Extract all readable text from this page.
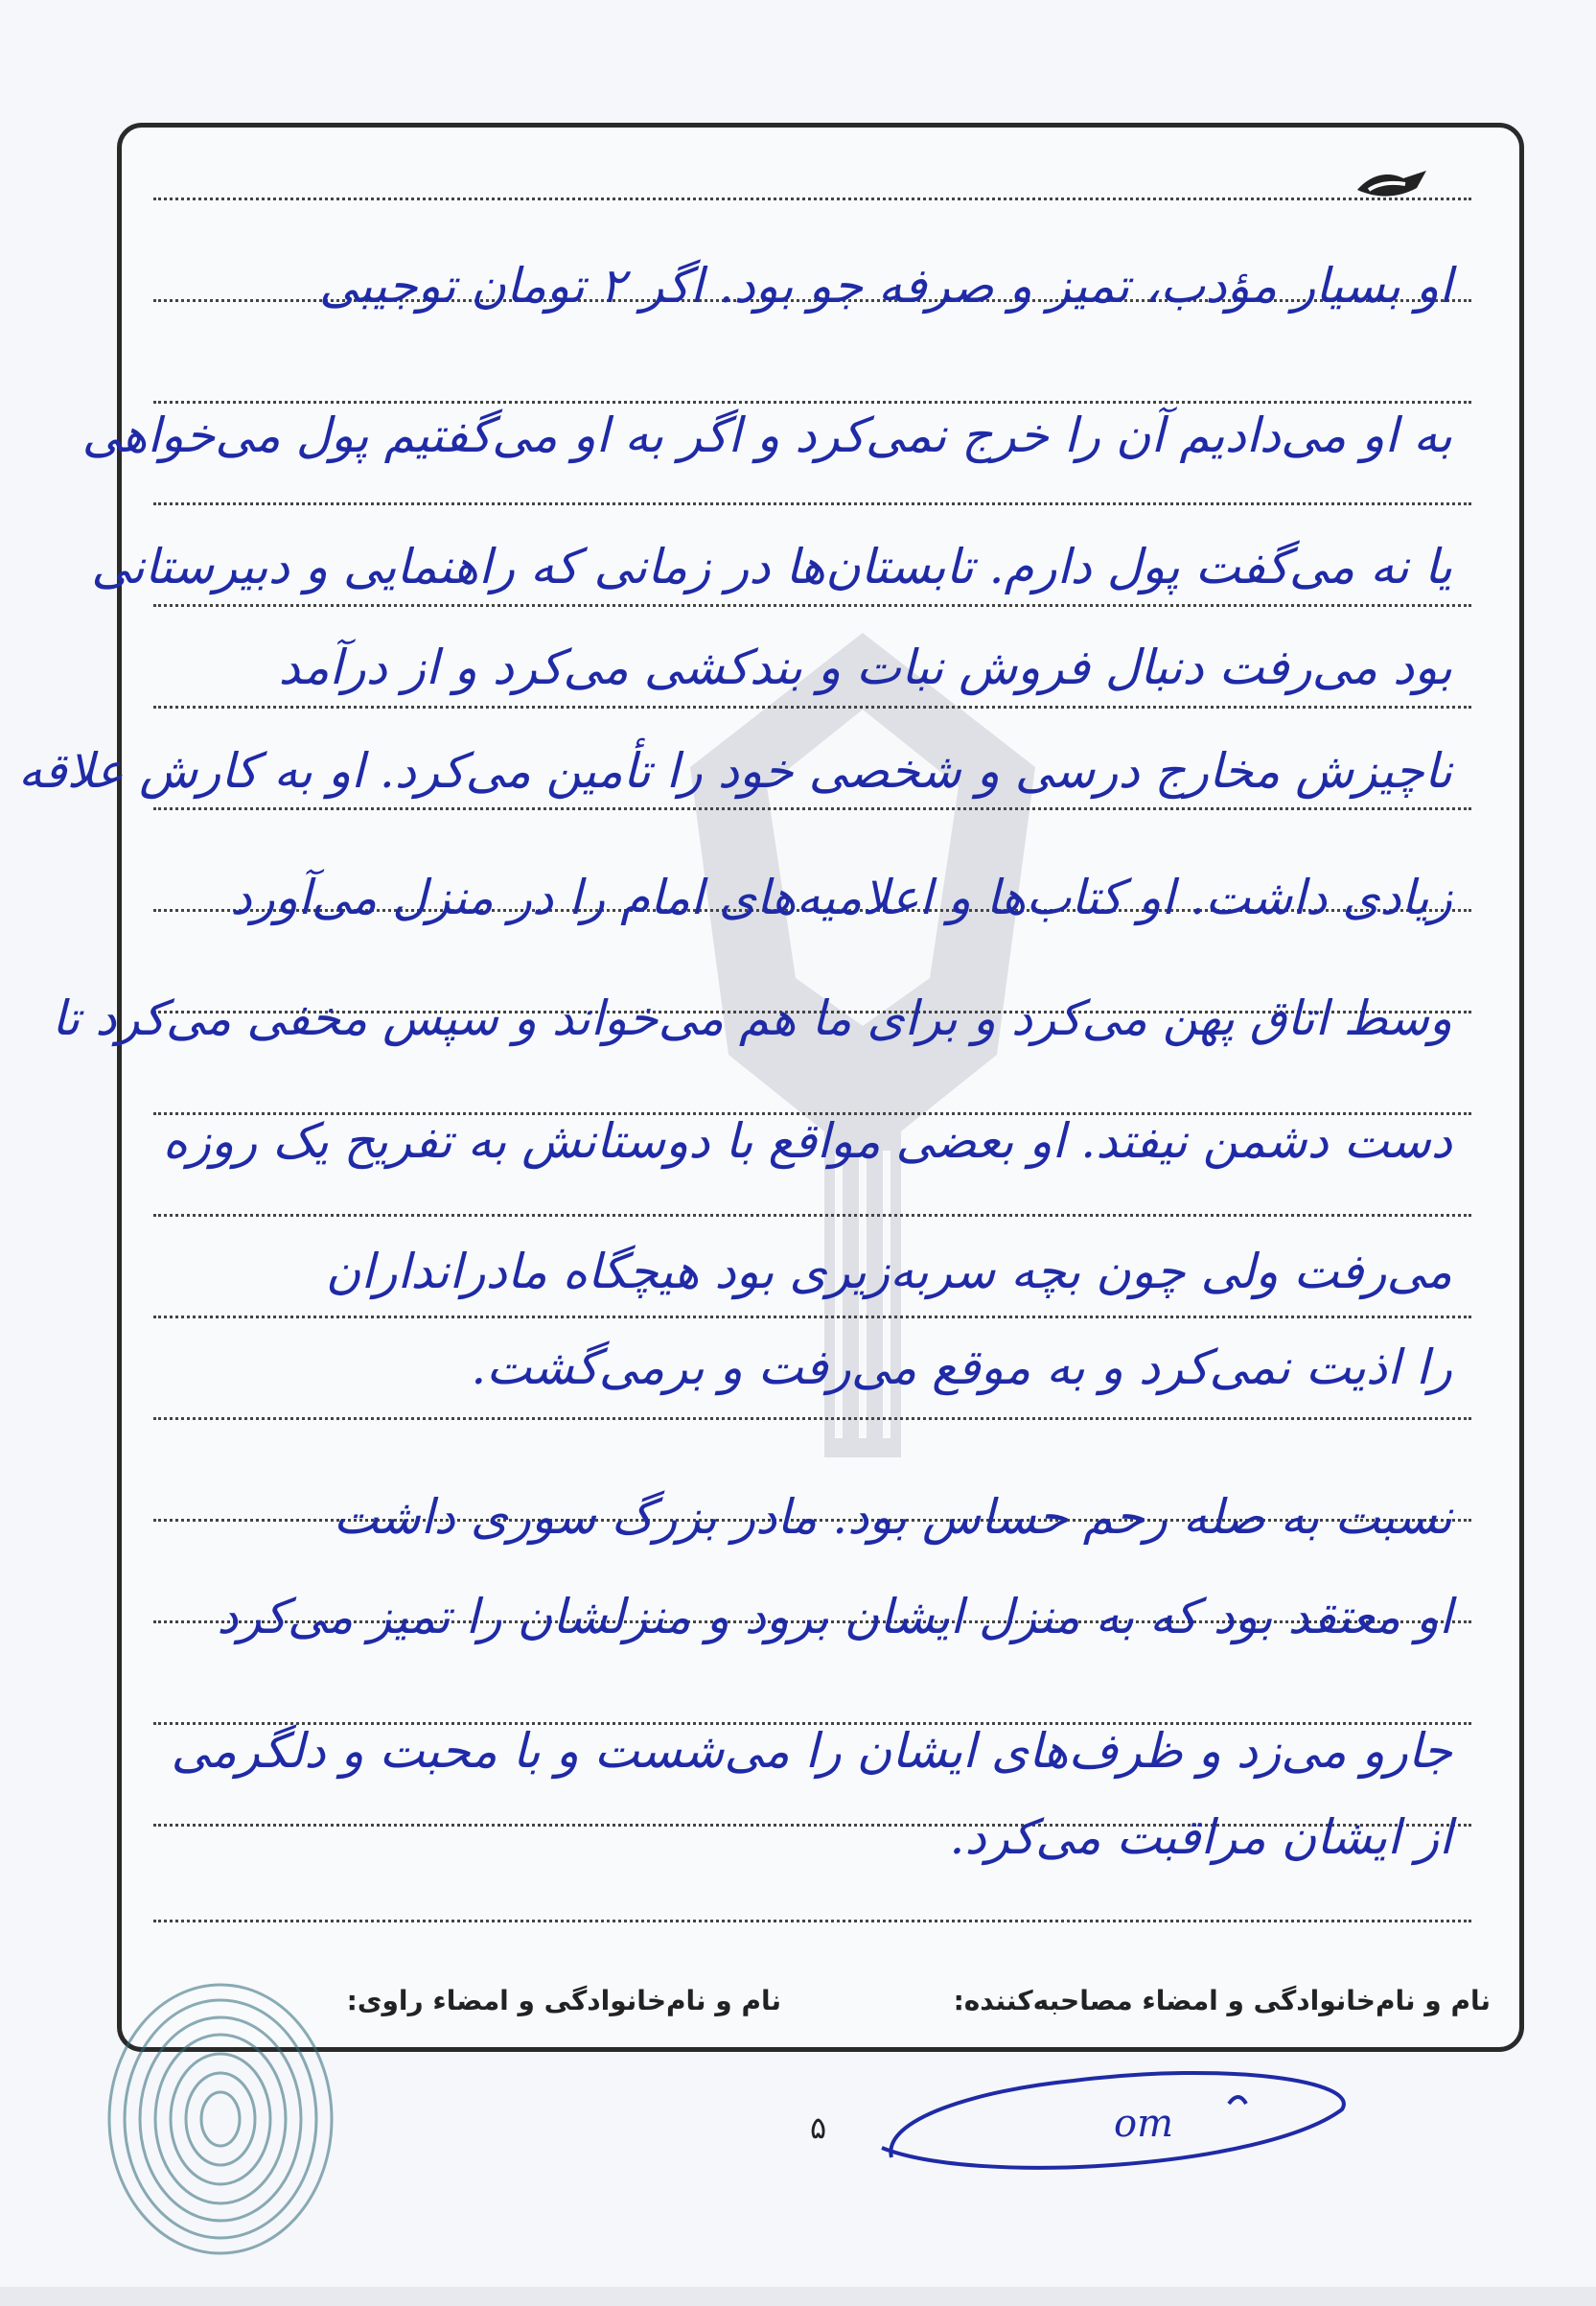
او بسیار مؤدب، تمیز و صرفه جو بود. اگر ۲ تومان توجیبی
به او می‌دادیم آن را خرج نمی‌کرد و اگر به او می‌گفتیم پول می‌خواهی
یا نه می‌گفت پول دارم. تابستان‌ها در زمانی که راهنمایی و دبیرستانی
بود می‌رفت دنبال فروش نبات و بندکشی می‌کرد و از درآمد
ناچیزش مخارج درسی و شخصی خود را تأمین می‌کرد. او به کارش علاقه
زیادی داشت. او کتاب‌ها و اعلامیه‌های امام را در منزل می‌آورد
وسط اتاق پهن می‌کرد و برای ما هم می‌خواند و سپس مخفی می‌کرد تا
دست دشمن نیفتد. او بعضی مواقع با دوستانش به تفریح یک روزه
می‌رفت ولی چون بچه سربه‌زیری بود هیچگاه مادرانداران
را اذیت نمی‌کرد و به موقع می‌رفت و برمی‌گشت.
نسبت به صله رحم حساس بود. مادر بزرگ سوری داشت
او معتقد بود که به منزل ایشان برود و منزلشان را تمیز می‌کرد
جارو می‌زد و ظرف‌های ایشان را می‌شست و با محبت و دلگرمی
از ایشان مراقبت می‌کرد.
نام و نام‌خانوادگی و امضاء مصاحبه‌کننده:
نام و نام‌خانوادگی و امضاء راوی:
om
۵
